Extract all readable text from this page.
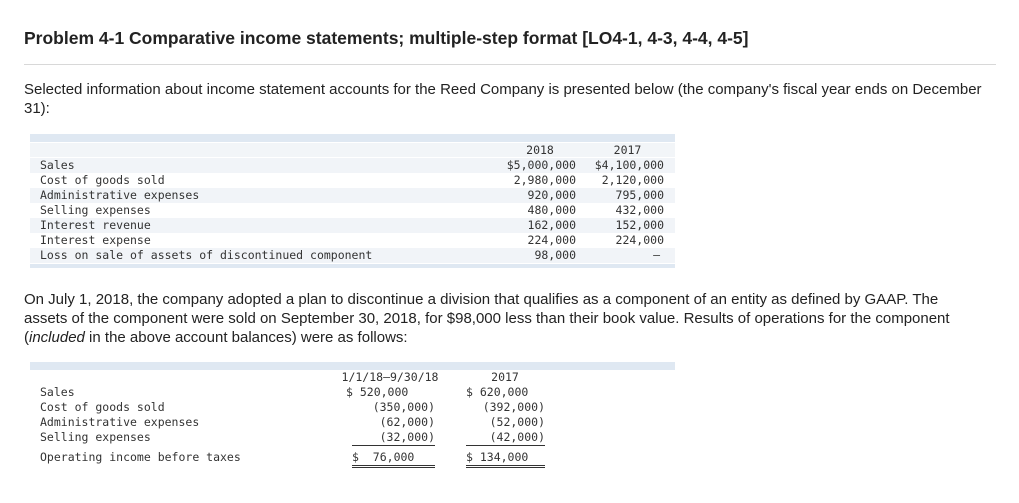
Problem 4-1 Comparative income statements; multiple-step format [LO4-1, 4-3, 4-4, 4-5]
Selected information about income statement accounts for the Reed Company is presented below (the company's fiscal year ends on December 31):
2018	2017
Sales	$5,000,000	$4,100,000
Cost of goods sold	2,980,000	2,120,000
Administrative expenses	920,000	795,000
Selling expenses	480,000	432,000
Interest revenue	162,000	152,000
Interest expense	224,000	224,000
Loss on sale of assets of discontinued component	98,000	–
On July 1, 2018, the company adopted a plan to discontinue a division that qualifies as a component of an entity as defined by GAAP. The assets of the component were sold on September 30, 2018, for $98,000 less than their book value. Results of operations for the component (included in the above account balances) were as follows:
1/1/18–9/30/18	2017
Sales	$ 520,000	$ 620,000
Cost of goods sold	(350,000)	(392,000)
Administrative expenses	(62,000)	(52,000)
Selling expenses	(32,000)	(42,000)
Operating income before taxes	$ 76,000	$ 134,000
